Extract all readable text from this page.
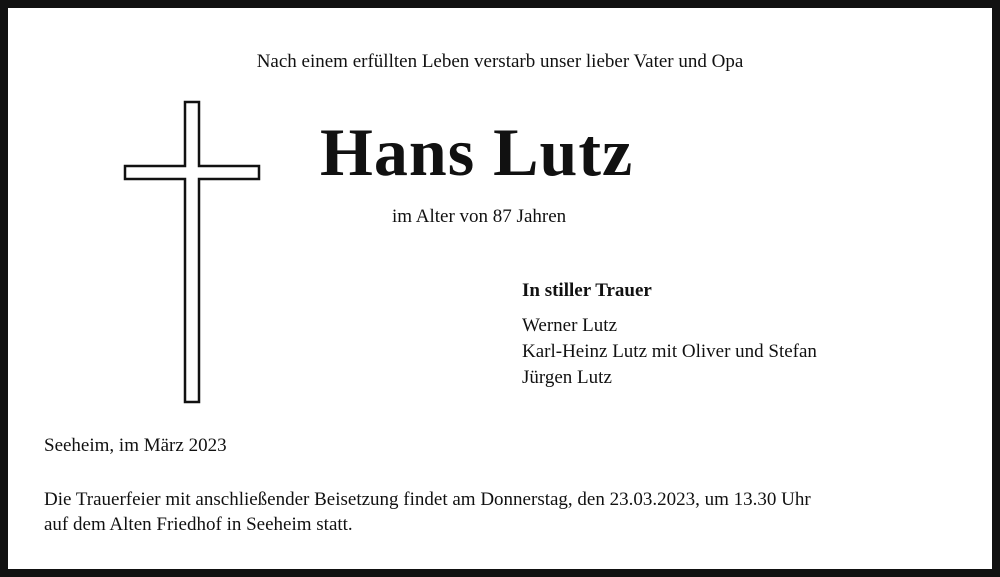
Nach einem erfüllten Leben verstarb unser lieber Vater und Opa
Hans Lutz
im Alter von 87 Jahren
In stiller Trauer
Werner Lutz
Karl-Heinz Lutz mit Oliver und Stefan
Jürgen Lutz
Seeheim, im März 2023
Die Trauerfeier mit anschließender Beisetzung findet am Donnerstag, den 23.03.2023, um 13.30 Uhr
auf dem Alten Friedhof in Seeheim statt.
